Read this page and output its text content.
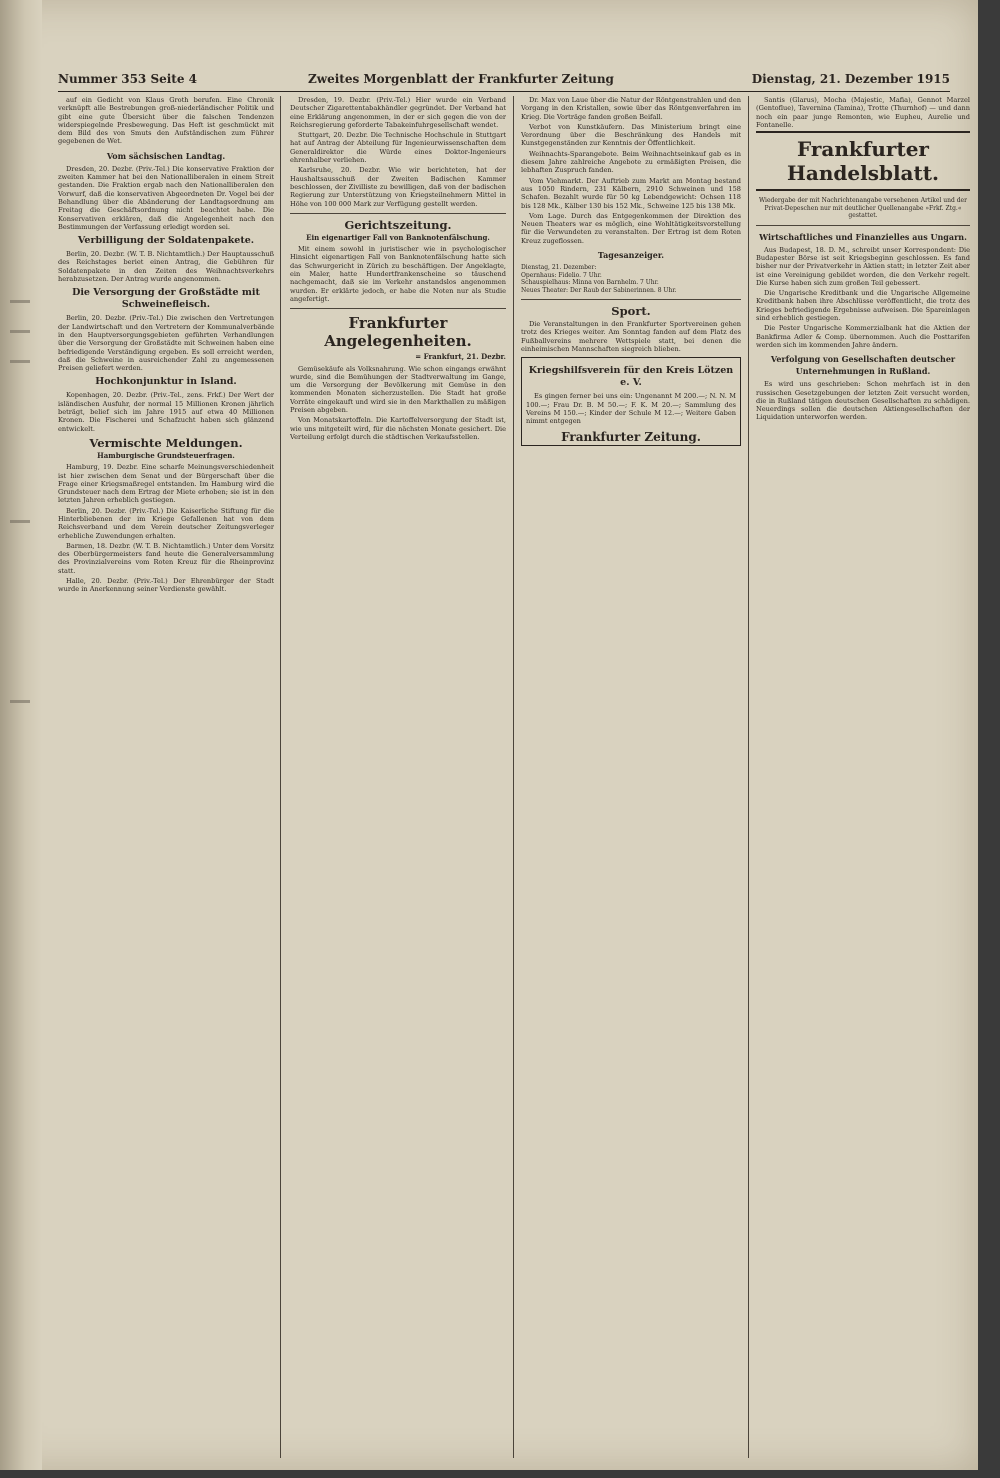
Nummer 353 Seite 4	Zweites Morgenblatt der Frankfurter Zeitung	Dienstag, 21. Dezember 1915

auf ein Gedicht von Klaus Groth berufen. Eine Chronik verknüpft alle Bestrebungen groß-niederländischer Politik und gibt eine gute Übersicht über die falschen Tendenzen widerspiegelnde Presbewegung. Das Heft ist geschmückt mit dem Bild des von Smuts den Aufständischen zum Führer gegebenen de Wet.

Vom sächsischen Landtag.

Dresden, 20. Dezbr. (Priv.-Tel.) Die konservative Fraktion der zweiten Kammer hat bei den Nationalliberalen in einem Streit gestanden. Die Fraktion ergab nach den Nationalliberalen den Vorwurf, daß die konservativen Abgeordneten Dr. Vogel bei der Behandlung über die Abänderung der Landtagsordnung am Freitag die Geschäftsordnung nicht beachtet habe. Die Konservativen erklären, daß die Angelegenheit nach den Bestimmungen der Verfassung erledigt worden sei.

Verbilligung der Soldatenpakete.

Berlin, 20. Dezbr. (W. T. B. Nichtamtlich.) Der Hauptausschuß des Reichstages beriet einen Antrag, die Gebühren für Soldatenpakete in den Zeiten des Weihnachtsverkehrs herabzusetzen. Der Antrag wurde angenommen.

Die Versorgung der Großstädte mit Schweinefleisch.

Berlin, 20. Dezbr. (Priv.-Tel.) Die zwischen den Vertretungen der Landwirtschaft und den Vertretern der Kommunalverbände in den Hauptversorgungsgebieten geführten Verhandlungen über die Versorgung der Großstädte mit Schweinen haben eine befriedigende Verständigung ergeben. Es soll erreicht werden, daß die Schweine in ausreichender Zahl zu angemessenen Preisen geliefert werden.

Hochkonjunktur in Island.

Kopenhagen, 20. Dezbr. (Priv.-Tel., zens. Frkf.) Der Wert der isländischen Ausfuhr, der normal 15 Millionen Kronen jährlich beträgt, belief sich im Jahre 1915 auf etwa 40 Millionen Kronen. Die Fischerei und Schafzucht haben sich glänzend entwickelt.

Vermischte Meldungen.
Hamburgische Grundsteuerfragen.

Hamburg, 19. Dezbr. Eine scharfe Meinungsverschiedenheit ist hier zwischen dem Senat und der Bürgerschaft über die Frage einer Kriegsmaßregel entstanden. Im Hamburg wird die Grundsteuer nach dem Ertrag der Miete erhoben; sie ist in den letzten Jahren erheblich gestiegen.

Berlin, 20. Dezbr. (Priv.-Tel.) Die Kaiserliche Stiftung für die Hinterbliebenen der im Kriege Gefallenen hat von dem Reichsverband und dem Verein deutscher Zeitungsverleger erhebliche Zuwendungen erhalten.

Barmen, 18. Dezbr. (W. T. B. Nichtamtlich.) Unter dem Vorsitz des Oberbürgermeisters fand heute die Generalversammlung des Provinzialvereins vom Roten Kreuz für die Rheinprovinz statt.

Halle, 20. Dezbr. (Priv.-Tel.) Der Ehrenbürger der Stadt wurde in Anerkennung seiner Verdienste gewählt.

Dresden, 19. Dezbr. (Priv.-Tel.) Hier wurde ein Verband Deutscher Zigarettentabakhändler gegründet. Der Verband hat eine Erklärung angenommen, in der er sich gegen die von der Reichsregierung geforderte Tabakeinfuhrgesellschaft wendet.

Stuttgart, 20. Dezbr. Die Technische Hochschule in Stuttgart hat auf Antrag der Abteilung für Ingenieurwissenschaften dem Generaldirektor die Würde eines Doktor-Ingenieurs ehrenhalber verliehen.

Karlsruhe, 20. Dezbr. Wie wir berichteten, hat der Haushaltsausschuß der Zweiten Badischen Kammer beschlossen, der Zivilliste zu bewilligen, daß von der badischen Regierung zur Unterstützung von Kriegsteilnehmern Mittel in Höhe von 100 000 Mark zur Verfügung gestellt werden.

Gerichtszeitung.
Ein eigenartiger Fall von Banknotenfälschung.

Mit einem sowohl in juristischer wie in psychologischer Hinsicht eigenartigen Fall von Banknotenfälschung hatte sich das Schwurgericht in Zürich zu beschäftigen. Der Angeklagte, ein Maler, hatte Hundertfrankenscheine so täuschend nachgemacht, daß sie im Verkehr anstandslos angenommen wurden. Er erklärte jedoch, er habe die Noten nur als Studie angefertigt.

Frankfurter Angelegenheiten.
= Frankfurt, 21. Dezbr.

Gemüsekäufe als Volksnahrung. Wie schon eingangs erwähnt wurde, sind die Bemühungen der Stadtverwaltung im Gange, um die Versorgung der Bevölkerung mit Gemüse in den kommenden Monaten sicherzustellen. Die Stadt hat große Vorräte eingekauft und wird sie in den Markthallen zu mäßigen Preisen abgeben.

Von Monatskartoffeln. Die Kartoffelversorgung der Stadt ist, wie uns mitgeteilt wird, für die nächsten Monate gesichert. Die Verteilung erfolgt durch die städtischen Verkaufsstellen.

Dr. Max von Laue über die Natur der Röntgenstrahlen und den Vorgang in den Kristallen, sowie über das Röntgenverfahren im Krieg. Die Vorträge fanden großen Beifall.

Verbot von Kunstkäufern. Das Ministerium bringt eine Verordnung über die Beschränkung des Handels mit Kunstgegenständen zur Kenntnis der Öffentlichkeit.

Weihnachts-Sparangebote. Beim Weihnachtseinkauf gab es in diesem Jahre zahlreiche Angebote zu ermäßigten Preisen, die lebhaften Zuspruch fanden.

Vom Viehmarkt. Der Auftrieb zum Markt am Montag bestand aus 1050 Rindern, 231 Kälbern, 2910 Schweinen und 158 Schafen. Bezahlt wurde für 50 kg Lebendgewicht: Ochsen 118 bis 128 Mk., Kälber 130 bis 152 Mk., Schweine 125 bis 138 Mk.

Vom Lage. Durch das Entgegenkommen der Direktion des Neuen Theaters war es möglich, eine Wohltätigkeitsvorstellung für die Verwundeten zu veranstalten. Der Ertrag ist dem Roten Kreuz zugeflossen.

Tagesanzeiger.
Dienstag, 21. Dezember:
Opernhaus: Fidelio. 7 Uhr.
Schauspielhaus: Minna von Barnhelm. 7 Uhr.
Neues Theater: Der Raub der Sabinerinnen. 8 Uhr.
Sport.

Die Veranstaltungen in den Frankfurter Sportvereinen gehen trotz des Krieges weiter. Am Sonntag fanden auf dem Platz des Fußballvereins mehrere Wettspiele statt, bei denen die einheimischen Mannschaften siegreich blieben.

Kriegshilfsverein für den Kreis Lötzen e. V.

Es gingen ferner bei uns ein: Ungenannt M 200.—; N. N. M 100.—; Frau Dr. B. M 50.—; F. K. M 20.—; Sammlung des Vereins M 150.—; Kinder der Schule M 12.—; Weitere Gaben nimmt entgegen

Frankfurter Zeitung.

Santis (Glarus), Mocha (Majestic, Mafia), Gennot Marzel (Gentoflue), Tavernina (Tamina), Trotte (Thurnhof) — und dann noch ein paar junge Remonten, wie Eupheu, Aurelie und Fontanelle.

Frankfurter Handelsblatt.
Wiedergabe der mit Nachrichtenangabe versehenen Artikel und der Privat-Depeschen nur mit deutlicher Quellenangabe »Frkf. Ztg.« gestattet.
Wirtschaftliches und Finanzielles aus Ungarn.

Aus Budapest, 18. D. M., schreibt unser Korrespondent: Die Budapester Börse ist seit Kriegsbeginn geschlossen. Es fand bisher nur der Privatverkehr in Aktien statt; in letzter Zeit aber ist eine Vereinigung gebildet worden, die den Verkehr regelt. Die Kurse haben sich zum großen Teil gebessert.

Die Ungarische Kreditbank und die Ungarische Allgemeine Kreditbank haben ihre Abschlüsse veröffentlicht, die trotz des Krieges befriedigende Ergebnisse aufweisen. Die Spareinlagen sind erheblich gestiegen.

Die Pester Ungarische Kommerzialbank hat die Aktien der Bankfirma Adler & Comp. übernommen. Auch die Posttarifen werden sich im kommenden Jahre ändern.

Verfolgung von Gesellschaften deutscher Unternehmungen in Rußland.

Es wird uns geschrieben: Schon mehrfach ist in den russischen Gesetzgebungen der letzten Zeit versucht worden, die in Rußland tätigen deutschen Gesellschaften zu schädigen. Neuerdings sollen die deutschen Aktiengesellschaften der Liquidation unterworfen werden.
